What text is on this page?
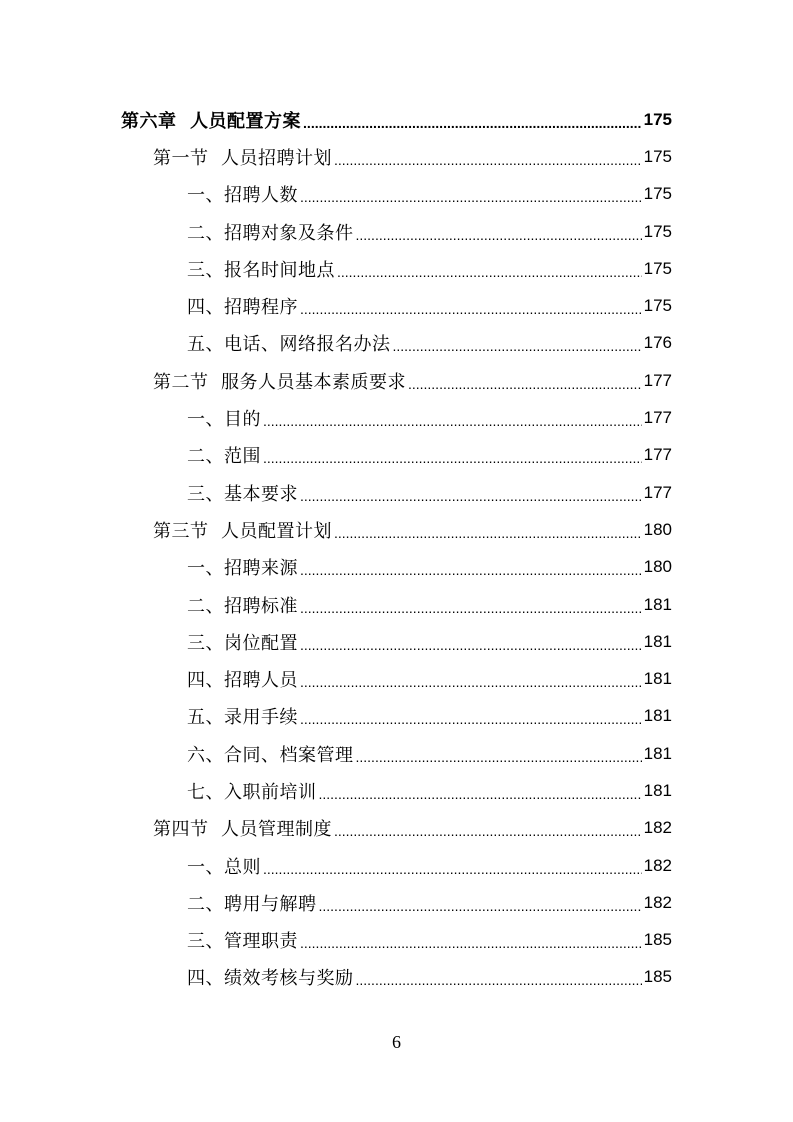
第六章  人员配置方案 .....	175
第一节  人员招聘计划 .....	175
一、招聘人数 .....	175
二、招聘对象及条件 .....	175
三、报名时间地点 .....	175
四、招聘程序 .....	175
五、电话、网络报名办法 .....	176
第二节  服务人员基本素质要求 .....	177
一、目的 .....	177
二、范围 .....	177
三、基本要求 .....	177
第三节  人员配置计划 .....	180
一、招聘来源 .....	180
二、招聘标准 .....	181
三、岗位配置 .....	181
四、招聘人员 .....	181
五、录用手续 .....	181
六、合同、档案管理 .....	181
七、入职前培训 .....	181
第四节  人员管理制度 .....	182
一、总则 .....	182
二、聘用与解聘 .....	182
三、管理职责 .....	185
四、绩效考核与奖励 .....	185
6
